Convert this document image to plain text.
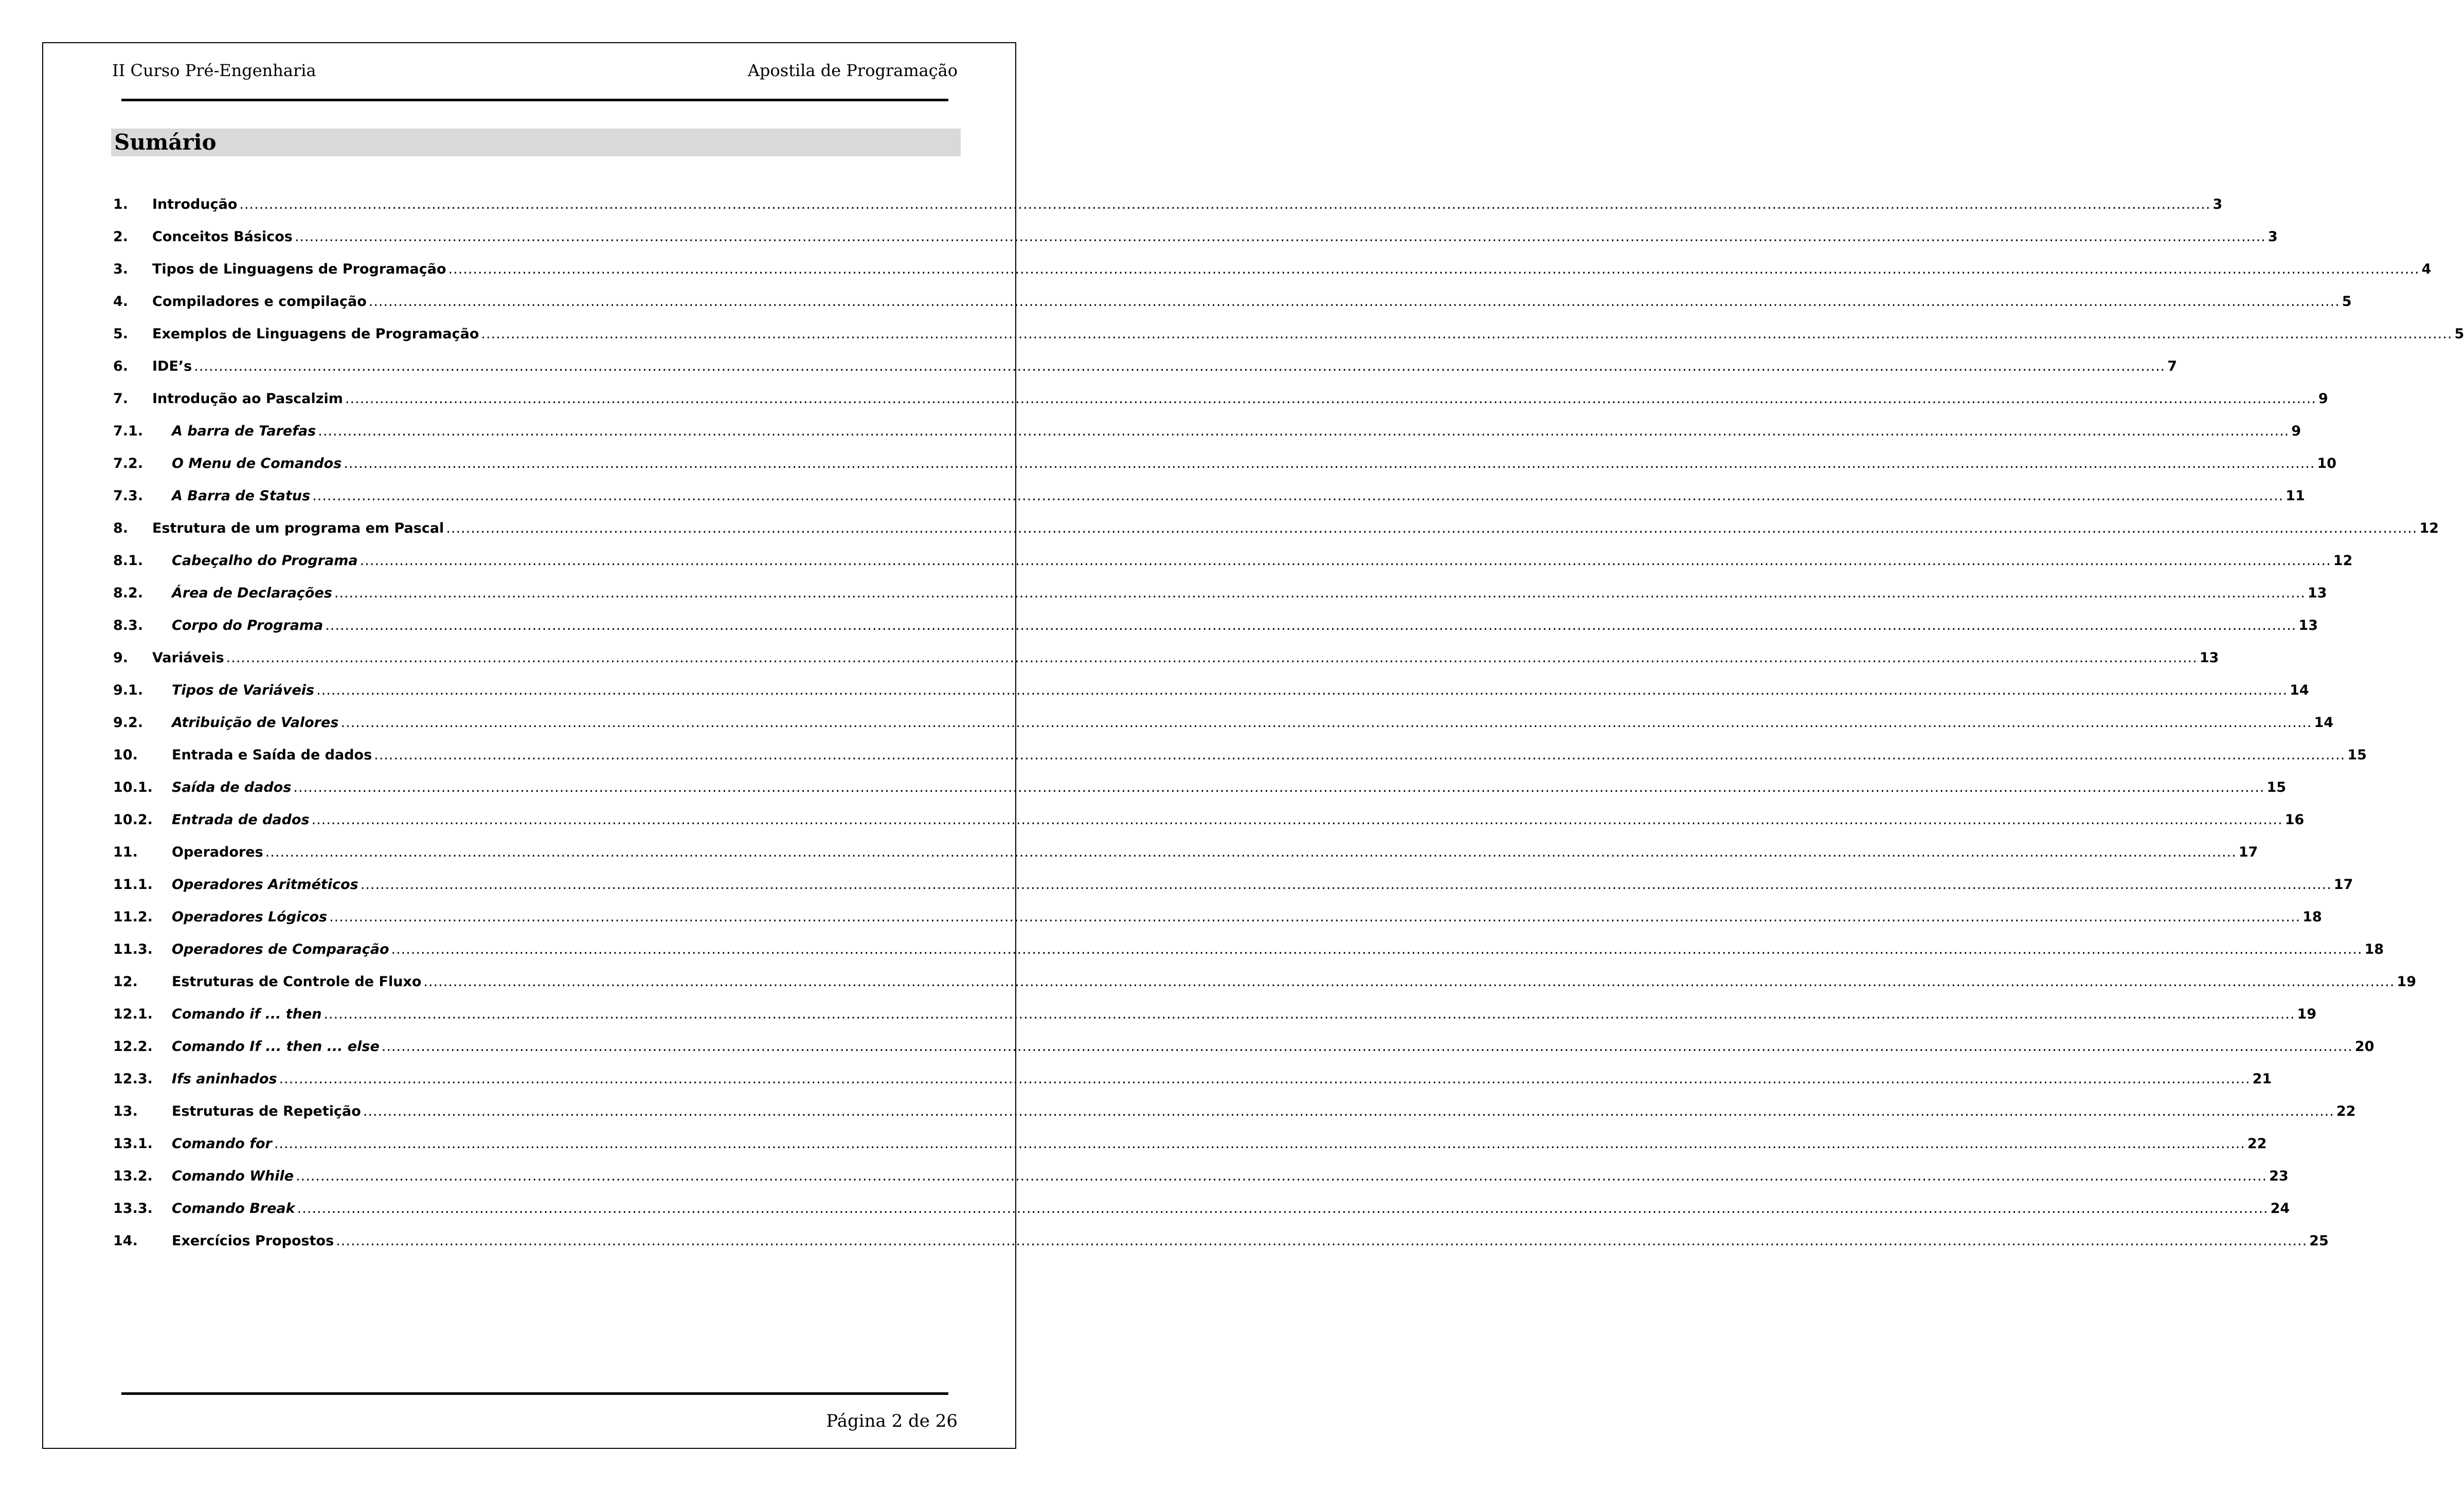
II Curso Pré-Engenharia	Apostila de Programação
Sumário
1.	Introdução ................................................................................................................................................................................................................................................................................................................................................................................................................ 3
2.	Conceitos Básicos ................................................................................................................................................................................................................................................................................................................................................................................................................ 3
3.	Tipos de Linguagens de Programação ................................................................................................................................................................................................................................................................................................................................................................................................................ 4
4.	Compiladores e compilação ................................................................................................................................................................................................................................................................................................................................................................................................................ 5
5.	Exemplos de Linguagens de Programação ................................................................................................................................................................................................................................................................................................................................................................................................................ 5
6.	IDE’s ................................................................................................................................................................................................................................................................................................................................................................................................................ 7
7.	Introdução ao Pascalzim ................................................................................................................................................................................................................................................................................................................................................................................................................ 9
7.1.	A barra de Tarefas ................................................................................................................................................................................................................................................................................................................................................................................................................ 9
7.2.	O Menu de Comandos ................................................................................................................................................................................................................................................................................................................................................................................................................ 10
7.3.	A Barra de Status ................................................................................................................................................................................................................................................................................................................................................................................................................ 11
8.	Estrutura de um programa em Pascal ................................................................................................................................................................................................................................................................................................................................................................................................................ 12
8.1.	Cabeçalho do Programa ................................................................................................................................................................................................................................................................................................................................................................................................................ 12
8.2.	Área de Declarações ................................................................................................................................................................................................................................................................................................................................................................................................................ 13
8.3.	Corpo do Programa ................................................................................................................................................................................................................................................................................................................................................................................................................ 13
9.	Variáveis ................................................................................................................................................................................................................................................................................................................................................................................................................ 13
9.1.	Tipos de Variáveis ................................................................................................................................................................................................................................................................................................................................................................................................................ 14
9.2.	Atribuição de Valores ................................................................................................................................................................................................................................................................................................................................................................................................................ 14
10.	Entrada e Saída de dados ................................................................................................................................................................................................................................................................................................................................................................................................................ 15
10.1.	Saída de dados ................................................................................................................................................................................................................................................................................................................................................................................................................ 15
10.2.	Entrada de dados ................................................................................................................................................................................................................................................................................................................................................................................................................ 16
11.	Operadores ................................................................................................................................................................................................................................................................................................................................................................................................................ 17
11.1.	Operadores Aritméticos ................................................................................................................................................................................................................................................................................................................................................................................................................ 17
11.2.	Operadores Lógicos ................................................................................................................................................................................................................................................................................................................................................................................................................ 18
11.3.	Operadores de Comparação ................................................................................................................................................................................................................................................................................................................................................................................................................ 18
12.	Estruturas de Controle de Fluxo ................................................................................................................................................................................................................................................................................................................................................................................................................ 19
12.1.	Comando if ... then ................................................................................................................................................................................................................................................................................................................................................................................................................ 19
12.2.	Comando If ... then ... else ................................................................................................................................................................................................................................................................................................................................................................................................................ 20
12.3.	Ifs aninhados ................................................................................................................................................................................................................................................................................................................................................................................................................ 21
13.	Estruturas de Repetição ................................................................................................................................................................................................................................................................................................................................................................................................................ 22
13.1.	Comando for ................................................................................................................................................................................................................................................................................................................................................................................................................ 22
13.2.	Comando While ................................................................................................................................................................................................................................................................................................................................................................................................................ 23
13.3.	Comando Break ................................................................................................................................................................................................................................................................................................................................................................................................................ 24
14.	Exercícios Propostos ................................................................................................................................................................................................................................................................................................................................................................................................................ 25
Página 2 de 26
